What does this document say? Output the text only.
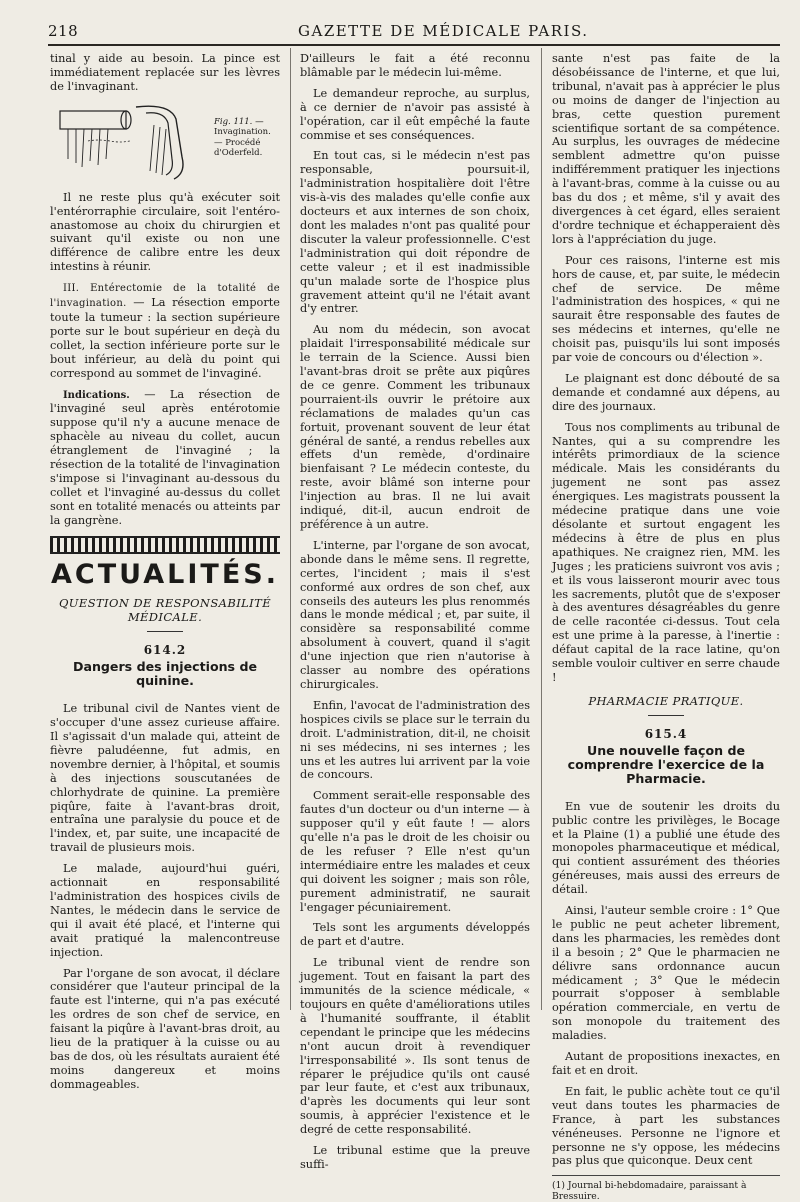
218	GAZETTE DE MÉDICALE PARIS.

tinal y aide au besoin. La pince est immédiatement replacée sur les lèvres de l'invaginant.

Fig. 111. — Invagination. — Procédé d'Oderfeld.

Il ne reste plus qu'à exécuter soit l'entérorraphie circulaire, soit l'entéro-anastomose au choix du chirurgien et suivant qu'il existe ou non une différence de calibre entre les deux intestins à réunir.

III. Entérectomie de la totalité de l'invagination. — La résection emporte toute la tumeur : la section supérieure porte sur le bout supérieur en deçà du collet, la section inférieure porte sur le bout inférieur, au delà du point qui correspond au sommet de l'invaginé.

Indications. — La résection de l'invaginé seul après entérotomie suppose qu'il n'y a aucune menace de sphacèle au niveau du collet, aucun étranglement de l'invaginé ; la résection de la totalité de l'invagination s'impose si l'invaginant au-dessous du collet et l'invaginé au-dessus du collet sont en totalité menacés ou atteints par la gangrène.

ACTUALITÉS.
QUESTION DE RESPONSABILITÉ MÉDICALE.
614.2
Dangers des injections de quinine.

Le tribunal civil de Nantes vient de s'occuper d'une assez curieuse affaire. Il s'agissait d'un malade qui, atteint de fièvre paludéenne, fut admis, en novembre dernier, à l'hôpital, et soumis à des injections souscutanées de chlorhydrate de quinine. La première piqûre, faite à l'avant-bras droit, entraîna une paralysie du pouce et de l'index, et, par suite, une incapacité de travail de plusieurs mois.

Le malade, aujourd'hui guéri, actionnait en responsabilité l'administration des hospices civils de Nantes, le médecin dans le service de qui il avait été placé, et l'interne qui avait pratiqué la malencontreuse injection.

Par l'organe de son avocat, il déclare considérer que l'auteur principal de la faute est l'interne, qui n'a pas exécuté les ordres de son chef de service, en faisant la piqûre à l'avant-bras droit, au lieu de la pratiquer à la cuisse ou au bas de dos, où les résultats auraient été moins dangereux et moins dommageables.

D'ailleurs le fait a été reconnu blâmable par le médecin lui-même.

Le demandeur reproche, au surplus, à ce dernier de n'avoir pas assisté à l'opération, car il eût empêché la faute commise et ses conséquences.

En tout cas, si le médecin n'est pas responsable, poursuit-il, l'administration hospitalière doit l'être vis-à-vis des malades qu'elle confie aux docteurs et aux internes de son choix, dont les malades n'ont pas qualité pour discuter la valeur professionnelle. C'est l'administration qui doit répondre de cette valeur ; et il est inadmissible qu'un malade sorte de l'hospice plus gravement atteint qu'il ne l'était avant d'y entrer.

Au nom du médecin, son avocat plaidait l'irresponsabilité médicale sur le terrain de la Science. Aussi bien l'avant-bras droit se prête aux piqûres de ce genre. Comment les tribunaux pourraient-ils ouvrir le prétoire aux réclamations de malades qu'un cas fortuit, provenant souvent de leur état général de santé, a rendus rebelles aux effets d'un remède, d'ordinaire bienfaisant ? Le médecin conteste, du reste, avoir blâmé son interne pour l'injection au bras. Il ne lui avait indiqué, dit-il, aucun endroit de préférence à un autre.

L'interne, par l'organe de son avocat, abonde dans le même sens. Il regrette, certes, l'incident ; mais il s'est conformé aux ordres de son chef, aux conseils des auteurs les plus renommés dans le monde médical ; et, par suite, il considère sa responsabilité comme absolument à couvert, quand il s'agit d'une injection que rien n'autorise à classer au nombre des opérations chirurgicales.

Enfin, l'avocat de l'administration des hospices civils se place sur le terrain du droit. L'administration, dit-il, ne choisit ni ses médecins, ni ses internes ; les uns et les autres lui arrivent par la voie de concours.

Comment serait-elle responsable des fautes d'un docteur ou d'un interne — à supposer qu'il y eût faute ! — alors qu'elle n'a pas le droit de les choisir ou de les refuser ? Elle n'est qu'un intermédiaire entre les malades et ceux qui doivent les soigner ; mais son rôle, purement administratif, ne saurait l'engager pécuniairement.

Tels sont les arguments développés de part et d'autre.

Le tribunal vient de rendre son jugement. Tout en faisant la part des immunités de la science médicale, « toujours en quête d'améliorations utiles à l'humanité souffrante, il établit cependant le principe que les médecins n'ont aucun droit à revendiquer l'irresponsabilité ». Ils sont tenus de réparer le préjudice qu'ils ont causé par leur faute, et c'est aux tribunaux, d'après les documents qui leur sont soumis, à apprécier l'existence et le degré de cette responsabilité.

Le tribunal estime que la preuve suffi-

sante n'est pas faite de la désobéissance de l'interne, et que lui, tribunal, n'avait pas à apprécier le plus ou moins de danger de l'injection au bras, cette question purement scientifique sortant de sa compétence. Au surplus, les ouvrages de médecine semblent admettre qu'on puisse indifféremment pratiquer les injections à l'avant-bras, comme à la cuisse ou au bas du dos ; et même, s'il y avait des divergences à cet égard, elles seraient d'ordre technique et échapperaient dès lors à l'appréciation du juge.

Pour ces raisons, l'interne est mis hors de cause, et, par suite, le médecin chef de service. De même l'administration des hospices, « qui ne saurait être responsable des fautes de ses médecins et internes, qu'elle ne choisit pas, puisqu'ils lui sont imposés par voie de concours ou d'élection ».

Le plaignant est donc débouté de sa demande et condamné aux dépens, au dire des journaux.

Tous nos compliments au tribunal de Nantes, qui a su comprendre les intérêts primordiaux de la science médicale. Mais les considérants du jugement ne sont pas assez énergiques. Les magistrats poussent la médecine pratique dans une voie désolante et surtout engagent les médecins à être de plus en plus apathiques. Ne craignez rien, MM. les Juges ; les praticiens suivront vos avis ; et ils vous laisseront mourir avec tous les sacrements, plutôt que de s'exposer à des aventures désagréables du genre de celle racontée ci-dessus. Tout cela est une prime à la paresse, à l'inertie : défaut capital de la race latine, qu'on semble vouloir cultiver en serre chaude !

PHARMACIE PRATIQUE.
615.4
Une nouvelle façon de comprendre l'exercice de la Pharmacie.

En vue de soutenir les droits du public contre les privilèges, le Bocage et la Plaine (1) a publié une étude des monopoles pharmaceutique et médical, qui contient assurément des théories généreuses, mais aussi des erreurs de détail.

Ainsi, l'auteur semble croire : 1° Que le public ne peut acheter librement, dans les pharmacies, les remèdes dont il a besoin ; 2° Que le pharmacien ne délivre sans ordonnance aucun médicament ; 3° Que le médecin pourrait s'opposer à semblable opération commerciale, en vertu de son monopole du traitement des maladies.

Autant de propositions inexactes, en fait et en droit.

En fait, le public achète tout ce qu'il veut dans toutes les pharmacies de France, à part les substances vénéneuses. Personne ne l'ignore et personne ne s'y oppose, les médecins pas plus que quiconque. Deux cent

(1) Journal bi-hebdomadaire, paraissant à Bressuire.
